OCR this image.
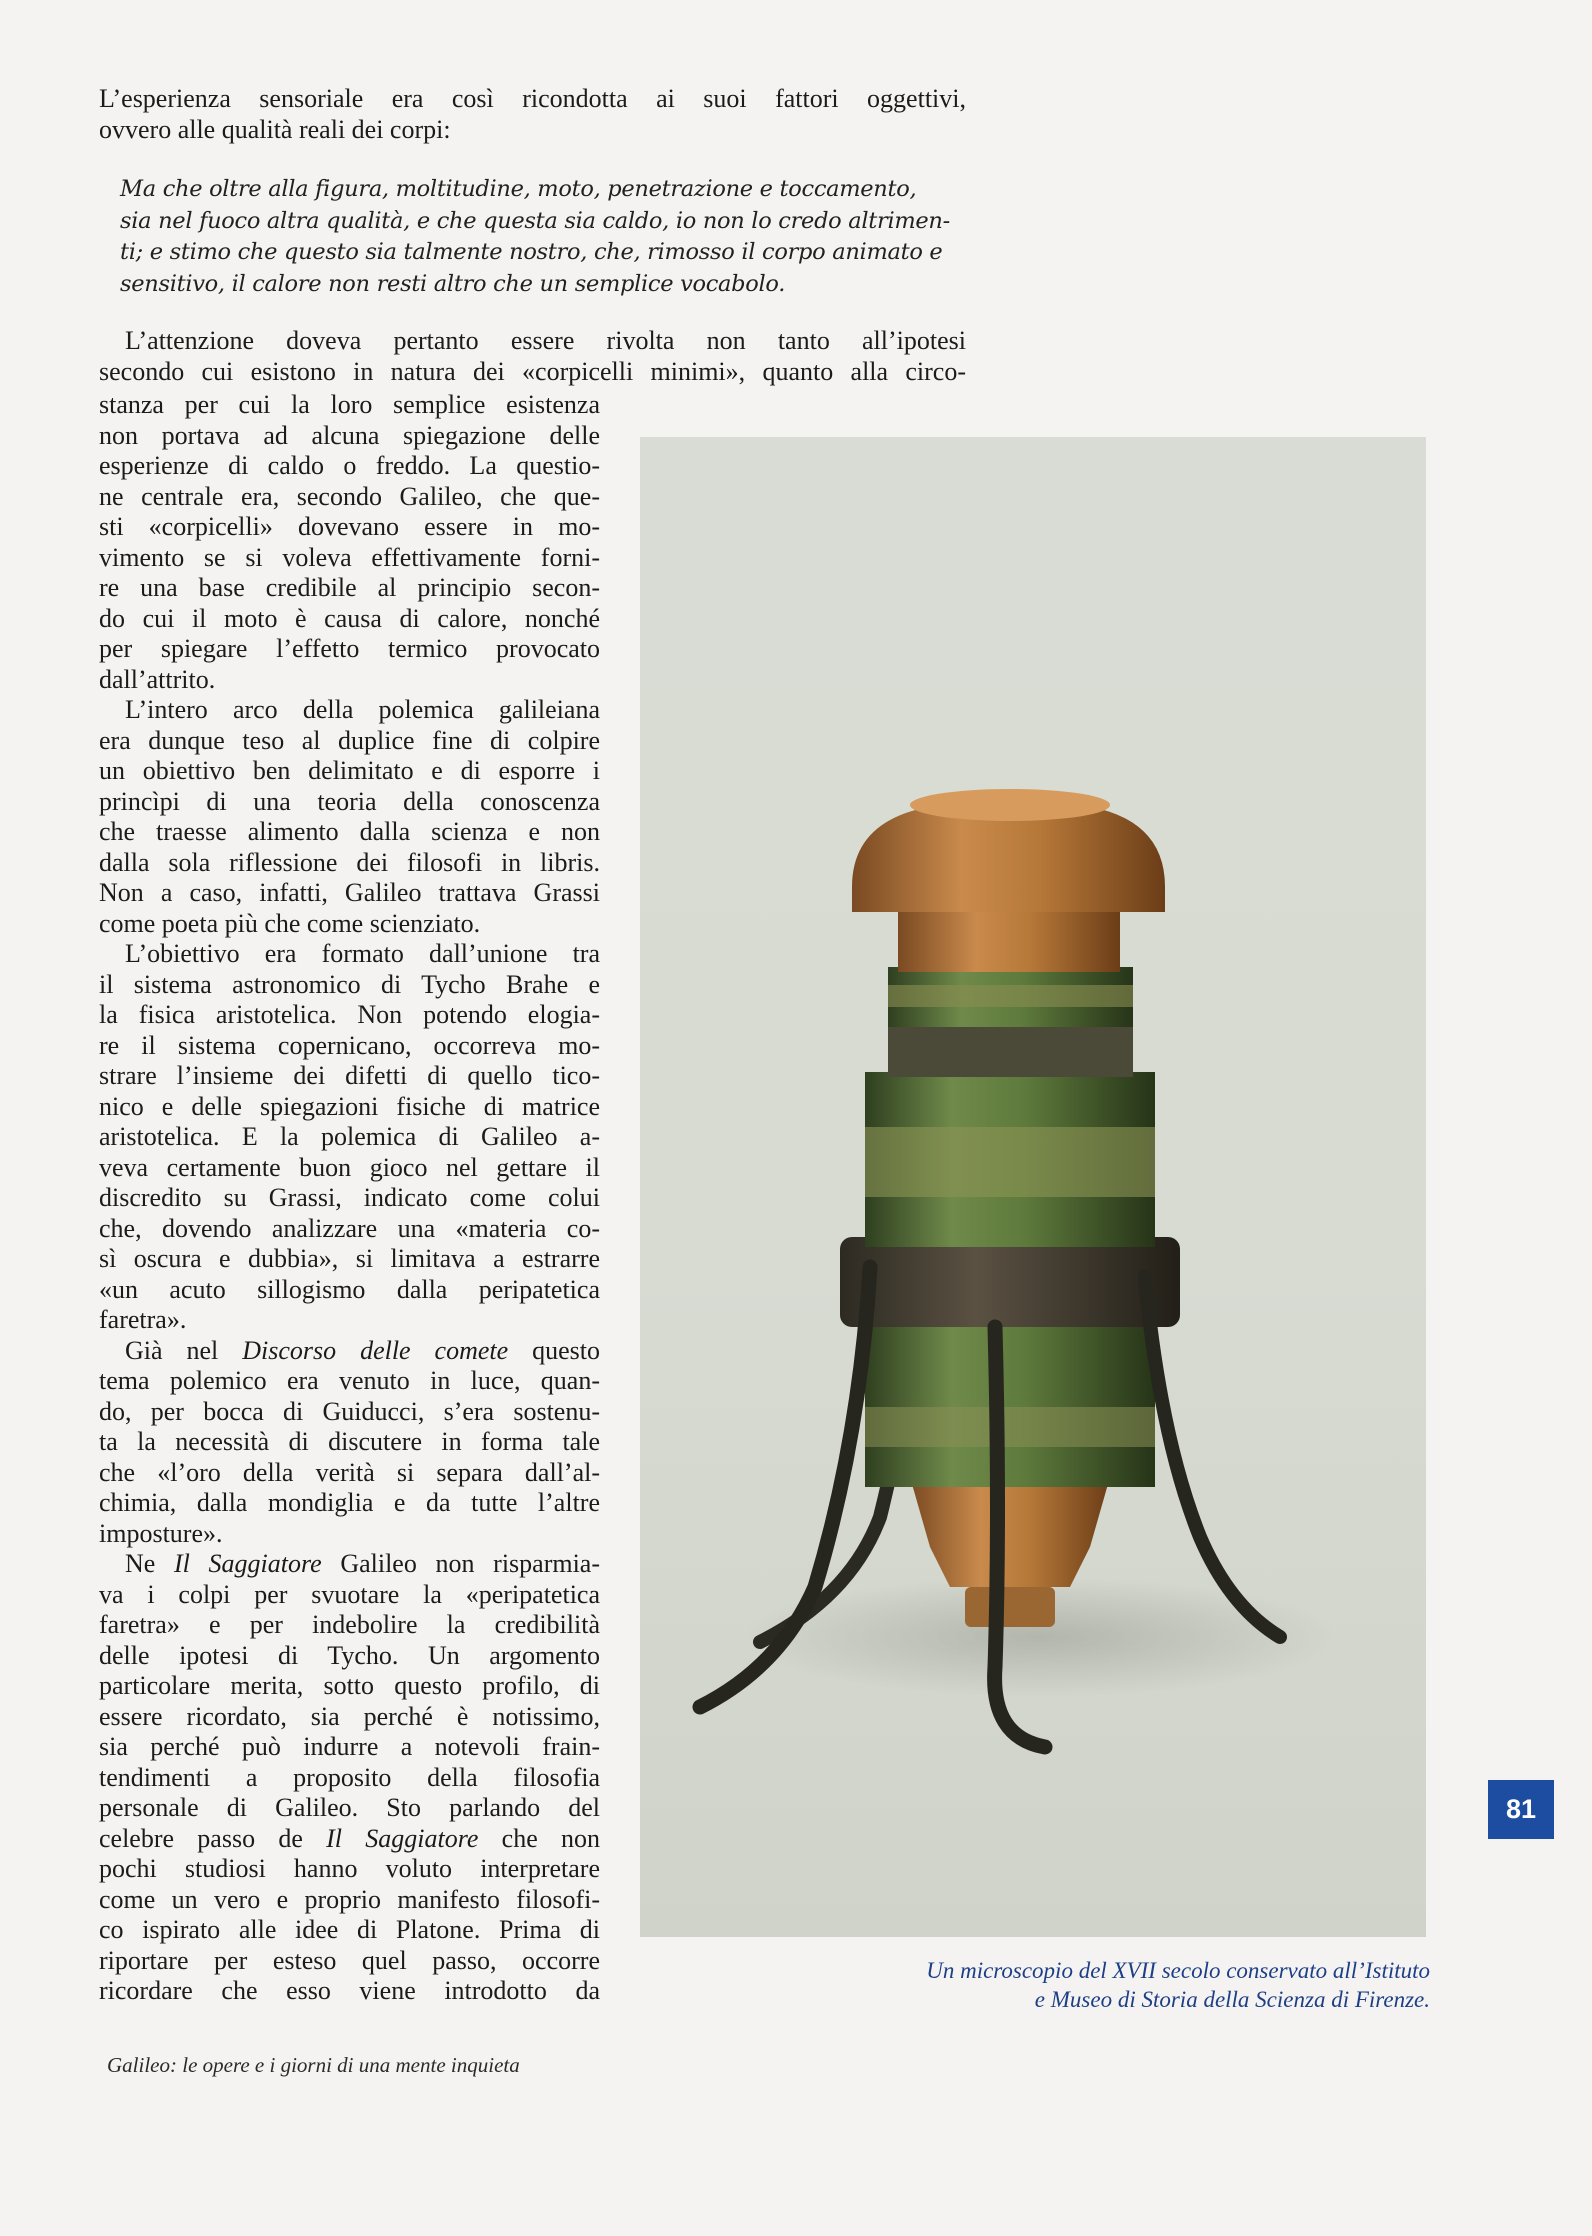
L’esperienza sensoriale era così ricondotta ai suoi fattori oggettivi,
ovvero alle qualità reali dei corpi:
Ma che oltre alla figura, moltitudine, moto, penetrazione e toccamento,
sia nel fuoco altra qualità, e che questa sia caldo, io non lo credo altrimen-
ti; e stimo che questo sia talmente nostro, che, rimosso il corpo animato e
sensitivo, il calore non resti altro che un semplice vocabolo.
L’attenzione doveva pertanto essere rivolta non tanto all’ipotesi
secondo cui esistono in natura dei «corpicelli minimi», quanto alla circo-
stanza per cui la loro semplice esistenza
non portava ad alcuna spiegazione delle
esperienze di caldo o freddo. La questio-
ne centrale era, secondo Galileo, che que-
sti «corpicelli» dovevano essere in mo-
vimento se si voleva effettivamente forni-
re una base credibile al principio secon-
do cui il moto è causa di calore, nonché
per spiegare l’effetto termico provocato
dall’attrito.
L’intero arco della polemica galileiana
era dunque teso al duplice fine di colpire
un obiettivo ben delimitato e di esporre i
princìpi di una teoria della conoscenza
che traesse alimento dalla scienza e non
dalla sola riflessione dei filosofi in libris.
Non a caso, infatti, Galileo trattava Grassi
come poeta più che come scienziato.
L’obiettivo era formato dall’unione tra
il sistema astronomico di Tycho Brahe e
la fisica aristotelica. Non potendo elogia-
re il sistema copernicano, occorreva mo-
strare l’insieme dei difetti di quello tico-
nico e delle spiegazioni fisiche di matrice
aristotelica. E la polemica di Galileo a-
veva certamente buon gioco nel gettare il
discredito su Grassi, indicato come colui
che, dovendo analizzare una «materia co-
sì oscura e dubbia», si limitava a estrarre
«un acuto sillogismo dalla peripatetica
faretra».
Già nel Discorso delle comete questo
tema polemico era venuto in luce, quan-
do, per bocca di Guiducci, s’era sostenu-
ta la necessità di discutere in forma tale
che «l’oro della verità si separa dall’al-
chimia, dalla mondiglia e da tutte l’altre
imposture».
Ne Il Saggiatore Galileo non risparmia-
va i colpi per svuotare la «peripatetica
faretra» e per indebolire la credibilità
delle ipotesi di Tycho. Un argomento
particolare merita, sotto questo profilo, di
essere ricordato, sia perché è notissimo,
sia perché può indurre a notevoli frain-
tendimenti a proposito della filosofia
personale di Galileo. Sto parlando del
celebre passo de Il Saggiatore che non
pochi studiosi hanno voluto interpretare
come un vero e proprio manifesto filosofi-
co ispirato alle idee di Platone. Prima di
riportare per esteso quel passo, occorre
ricordare che esso viene introdotto da
Un microscopio del XVII secolo conservato all’Istituto
e Museo di Storia della Scienza di Firenze.
81
Galileo: le opere e i giorni di una mente inquieta
